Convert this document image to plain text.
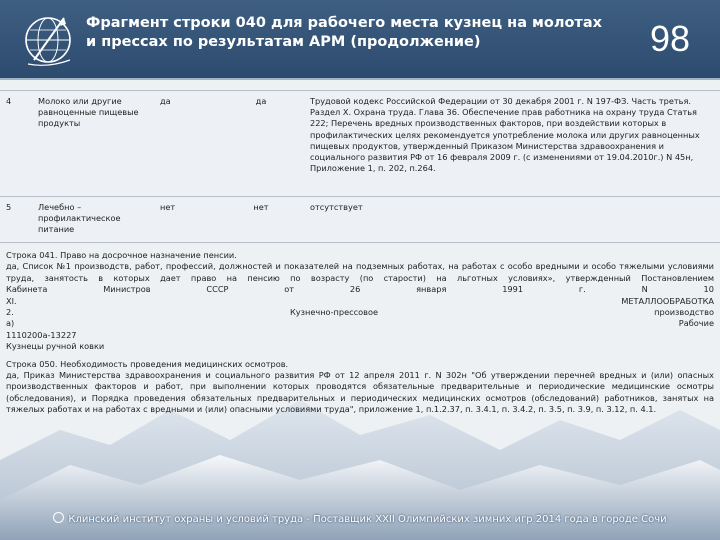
Фрагмент строки 040 для рабочего места кузнец на молотах и прессах по результатам АРМ (продолжение)	98
4	Молоко или другие равноценные пищевые продукты	да	да	Трудовой кодекс Российской Федерации от 30 декабря 2001 г. N 197-ФЗ. Часть третья. Раздел X. Охрана труда. Глава 36. Обеспечение прав работника на охрану труда Статья 222; Перечень вредных производственных факторов, при воздействии которых в профилактических целях рекомендуется употребление молока или других равноценных пищевых продуктов, утвержденный Приказом Министерства здравоохранения и социального развития РФ от 16 февраля 2009 г. (с изменениями от 19.04.2010г.) N 45н, Приложение 1, п. 202, п.264.
5	Лечебно – профилактическое питание	нет	нет	отсутствует

Строка 041. Право на досрочное назначение пенсии.

да, Список №1 производств, работ, профессий, должностей и показателей на подземных работах, на работах с особо вредными и особо тяжелыми условиями труда, занятость в которых дает право на пенсию по возрасту (по старости) на льготных условиях», утвержденный Постановлением

Кабинета	Министров	СССР	от	26	января	1991	г.	N	10
XI.	МЕТАЛЛООБРАБОТКА
2.	Кузнечно-прессовое	производство
а)	Рабочие

1110200а-13227

Кузнецы ручной ковки

Строка 050. Необходимость проведения медицинских осмотров.

да, Приказ Министерства здравоохранения и социального развития РФ от 12 апреля 2011 г. N 302н "Об утверждении перечней вредных и (или) опасных производственных факторов и работ, при выполнении которых проводятся обязательные предварительные и периодические медицинские осмотры (обследования), и Порядка проведения обязательных предварительных и периодических медицинских осмотров (обследований) работников, занятых на тяжелых работах и на работах с вредными и (или) опасными условиями труда", приложение 1, п.1.2.37, п. 3.4.1, п. 3.4.2, п. 3.5, п. 3.9, п. 3.12, п. 4.1.

Клинский институт охраны и условий труда - Поставщик XXII Олимпийских зимних игр 2014 года в городе Сочи
